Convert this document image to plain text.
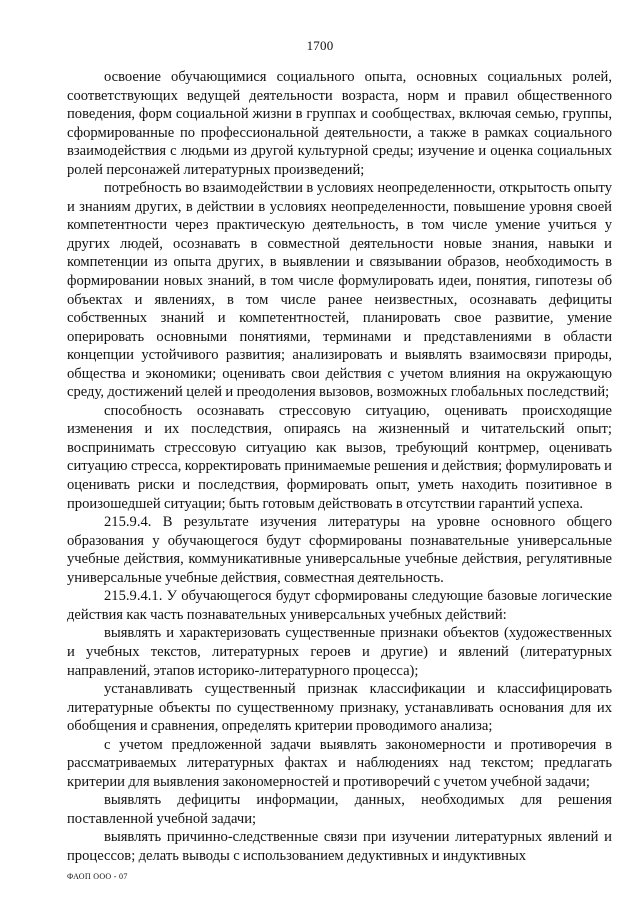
1700

освоение обучающимися социального опыта, основных социальных ролей, соответствующих ведущей деятельности возраста, норм и правил общественного поведения, форм социальной жизни в группах и сообществах, включая семью, группы, сформированные по профессиональной деятельности, а также в рамках социального взаимодействия с людьми из другой культурной среды; изучение и оценка социальных ролей персонажей литературных произведений;

потребность во взаимодействии в условиях неопределенности, открытость опыту и знаниям других, в действии в условиях неопределенности, повышение уровня своей компетентности через практическую деятельность, в том числе умение учиться у других людей, осознавать в совместной деятельности новые знания, навыки и компетенции из опыта других, в выявлении и связывании образов, необходимость в формировании новых знаний, в том числе формулировать идеи, понятия, гипотезы об объектах и явлениях, в том числе ранее неизвестных, осознавать дефициты собственных знаний и компетентностей, планировать свое развитие, умение оперировать основными понятиями, терминами и представлениями в области концепции устойчивого развития; анализировать и выявлять взаимосвязи природы, общества и экономики; оценивать свои действия с учетом влияния на окружающую среду, достижений целей и преодоления вызовов, возможных глобальных последствий;

способность осознавать стрессовую ситуацию, оценивать происходящие изменения и их последствия, опираясь на жизненный и читательский опыт; воспринимать стрессовую ситуацию как вызов, требующий контрмер, оценивать ситуацию стресса, корректировать принимаемые решения и действия; формулировать и оценивать риски и последствия, формировать опыт, уметь находить позитивное в произошедшей ситуации; быть готовым действовать в отсутствии гарантий успеха.

215.9.4. В результате изучения литературы на уровне основного общего образования у обучающегося будут сформированы познавательные универсальные учебные действия, коммуникативные универсальные учебные действия, регулятивные универсальные учебные действия, совместная деятельность.

215.9.4.1. У обучающегося будут сформированы следующие базовые логические действия как часть познавательных универсальных учебных действий:

выявлять и характеризовать существенные признаки объектов (художественных и учебных текстов, литературных героев и другие) и явлений (литературных направлений, этапов историко-литературного процесса);

устанавливать существенный признак классификации и классифицировать литературные объекты по существенному признаку, устанавливать основания для их обобщения и сравнения, определять критерии проводимого анализа;

с учетом предложенной задачи выявлять закономерности и противоречия в рассматриваемых литературных фактах и наблюдениях над текстом; предлагать критерии для выявления закономерностей и противоречий с учетом учебной задачи;

выявлять дефициты информации, данных, необходимых для решения поставленной учебной задачи;

выявлять причинно-следственные связи при изучении литературных явлений и процессов; делать выводы с использованием дедуктивных и индуктивных

ФАОП ООО - 07
